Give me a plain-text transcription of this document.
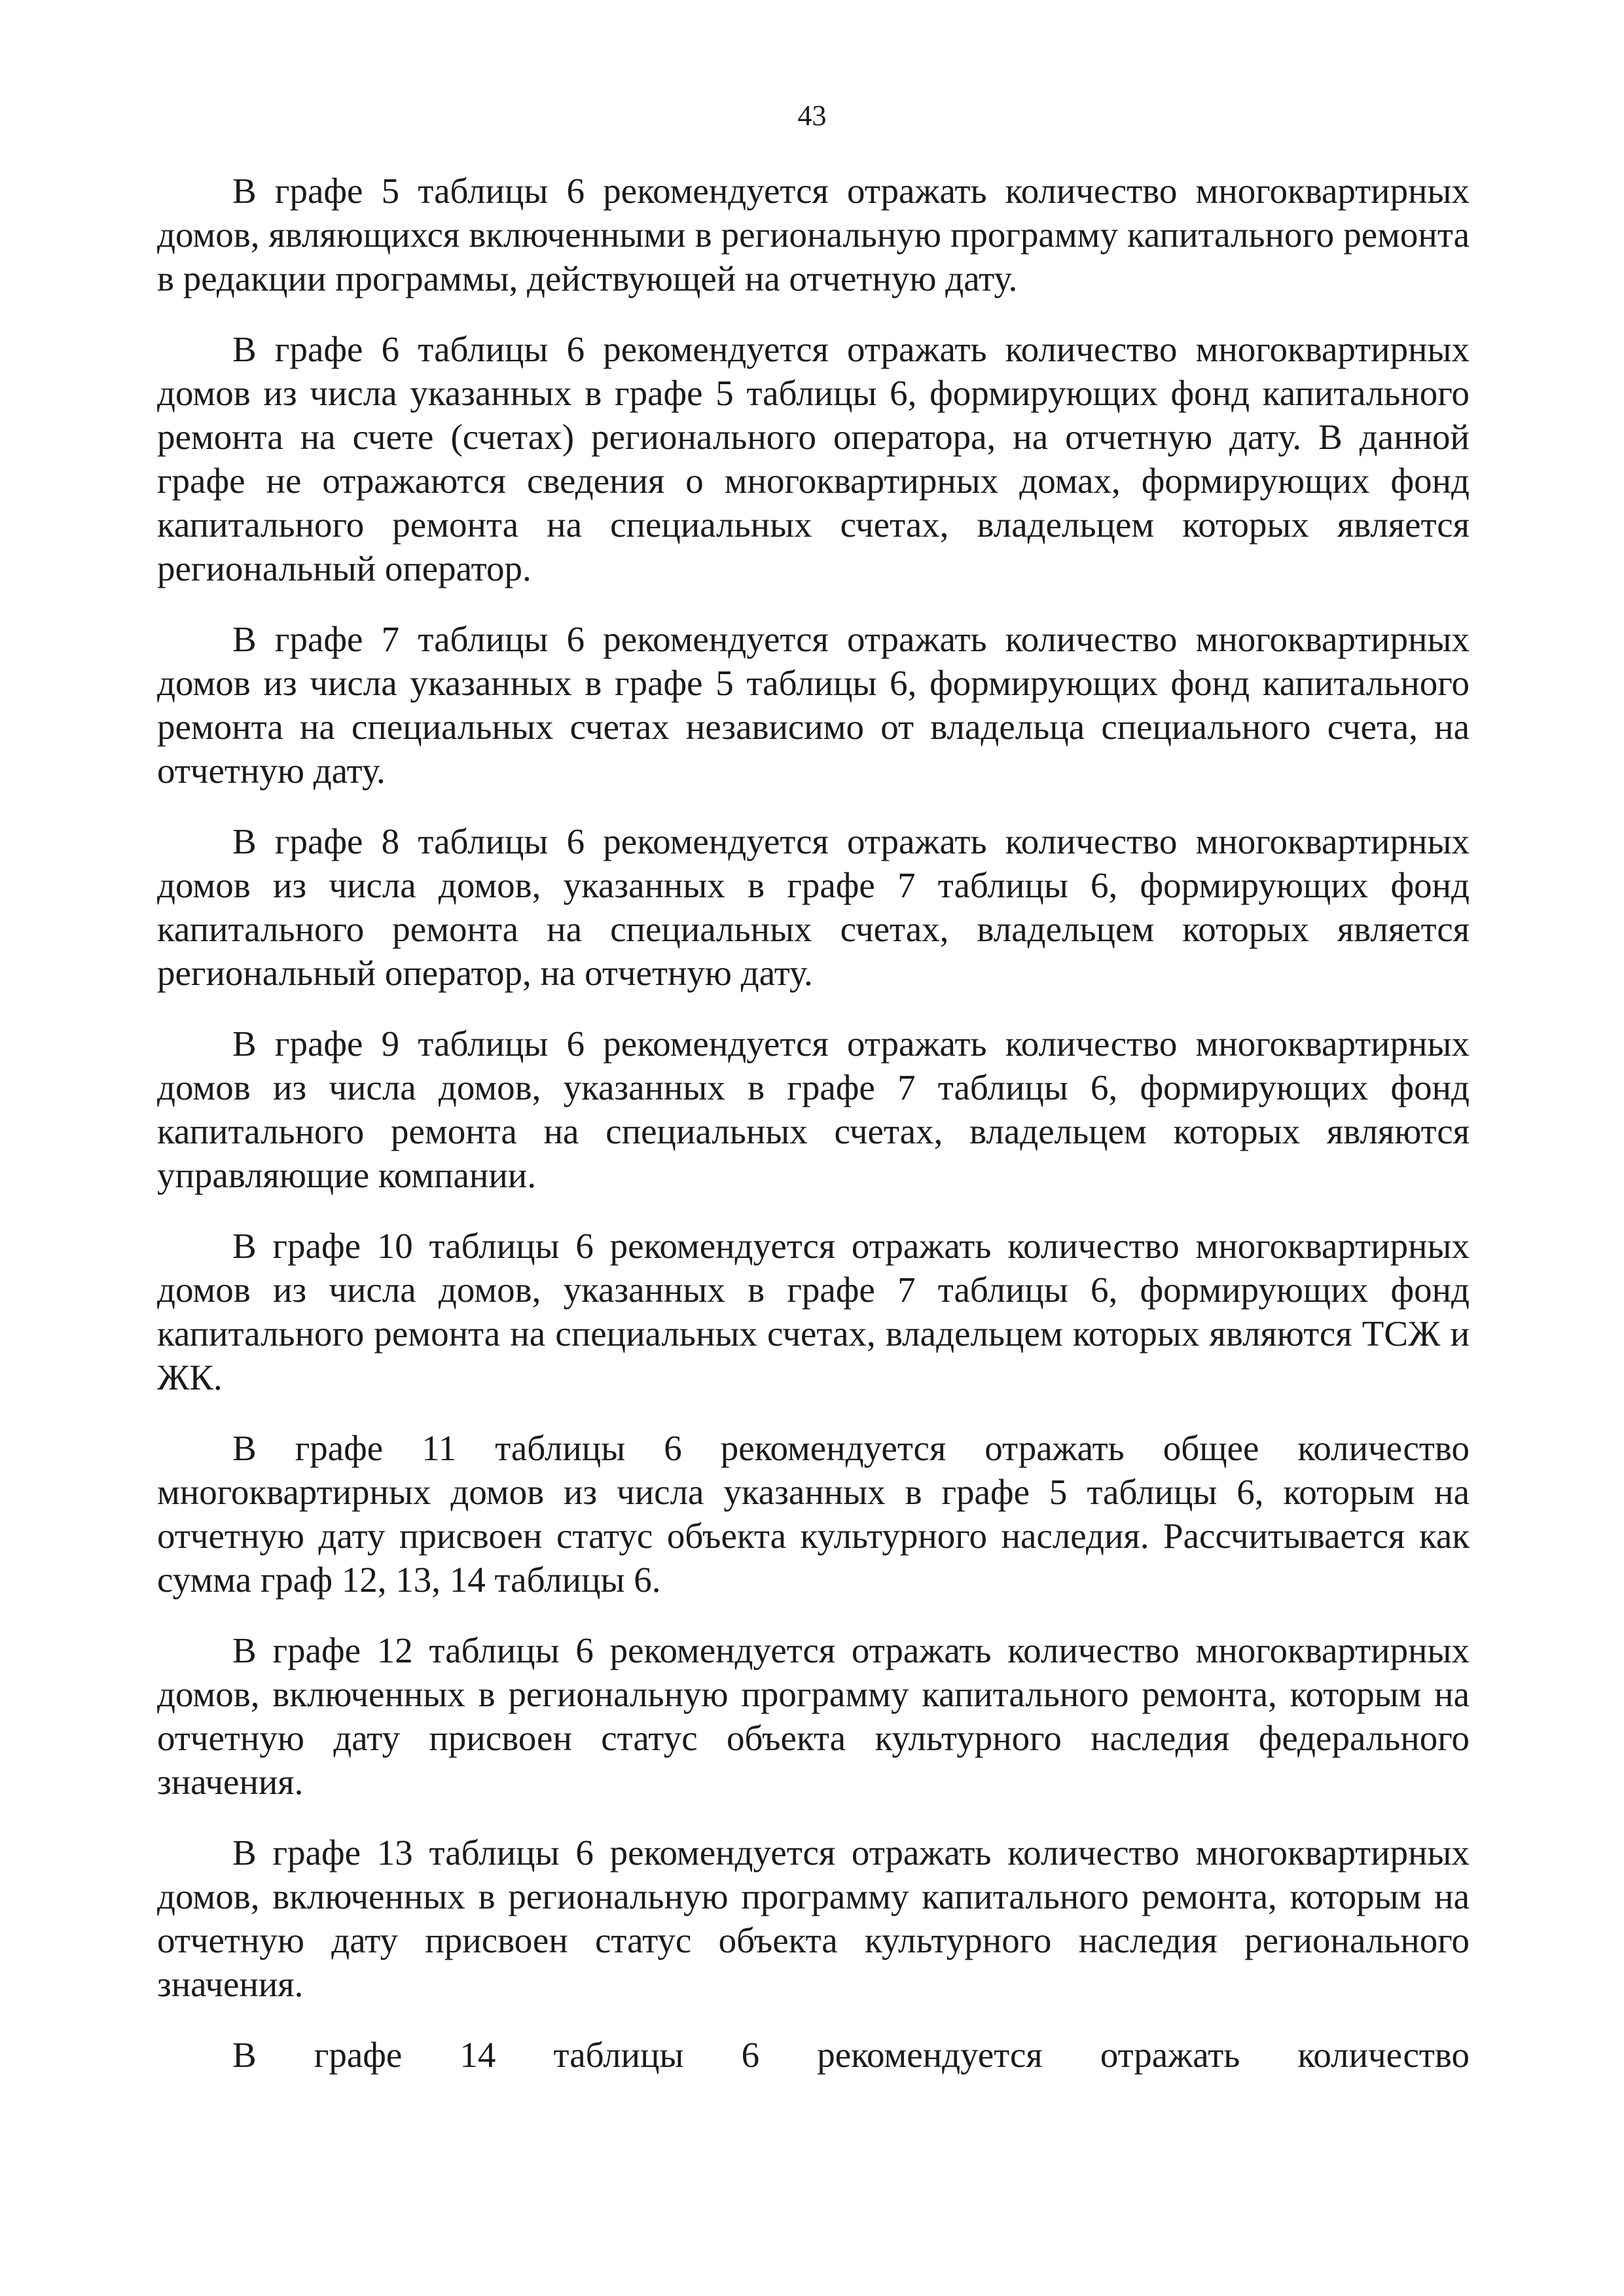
43

В графе 5 таблицы 6 рекомендуется отражать количество многоквартирных домов, являющихся включенными в региональную программу капитального ремонта в редакции программы, действующей на отчетную дату.

В графе 6 таблицы 6 рекомендуется отражать количество многоквартирных домов из числа указанных в графе 5 таблицы 6, формирующих фонд капитального ремонта на счете (счетах) регионального оператора, на отчетную дату. В данной графе не отражаются сведения о многоквартирных домах, формирующих фонд капитального ремонта на специальных счетах, владельцем которых является региональный оператор.

В графе 7 таблицы 6 рекомендуется отражать количество многоквартирных домов из числа указанных в графе 5 таблицы 6, формирующих фонд капитального ремонта на специальных счетах независимо от владельца специального счета, на отчетную дату.

В графе 8 таблицы 6 рекомендуется отражать количество многоквартирных домов из числа домов, указанных в графе 7 таблицы 6, формирующих фонд капитального ремонта на специальных счетах, владельцем которых является региональный оператор, на отчетную дату.

В графе 9 таблицы 6 рекомендуется отражать количество многоквартирных домов из числа домов, указанных в графе 7 таблицы 6, формирующих фонд капитального ремонта на специальных счетах, владельцем которых являются управляющие компании.

В графе 10 таблицы 6 рекомендуется отражать количество многоквартирных домов из числа домов, указанных в графе 7 таблицы 6, формирующих фонд капитального ремонта на специальных счетах, владельцем которых являются ТСЖ и ЖК.

В графе 11 таблицы 6 рекомендуется отражать общее количество многоквартирных домов из числа указанных в графе 5 таблицы 6, которым на отчетную дату присвоен статус объекта культурного наследия. Рассчитывается как сумма граф 12, 13, 14 таблицы 6.

В графе 12 таблицы 6 рекомендуется отражать количество многоквартирных домов, включенных в региональную программу капитального ремонта, которым на отчетную дату присвоен статус объекта культурного наследия федерального значения.

В графе 13 таблицы 6 рекомендуется отражать количество многоквартирных домов, включенных в региональную программу капитального ремонта, которым на отчетную дату присвоен статус объекта культурного наследия регионального значения.

В графе 14 таблицы 6 рекомендуется отражать количество
